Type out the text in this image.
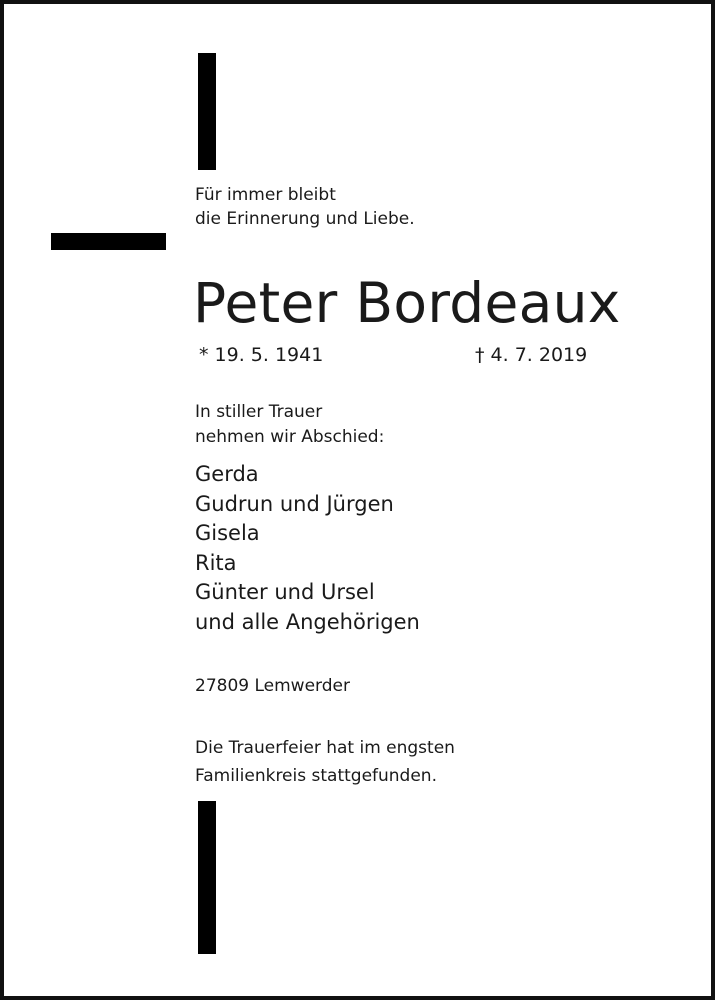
Für immer bleibt
die Erinnerung und Liebe.
Peter Bordeaux
* 19. 5. 1941	† 4. 7. 2019
In stiller Trauer
nehmen wir Abschied:
Gerda
Gudrun und Jürgen
Gisela
Rita
Günter und Ursel
und alle Angehörigen
27809 Lemwerder
Die Trauerfeier hat im engsten
Familienkreis stattgefunden.
